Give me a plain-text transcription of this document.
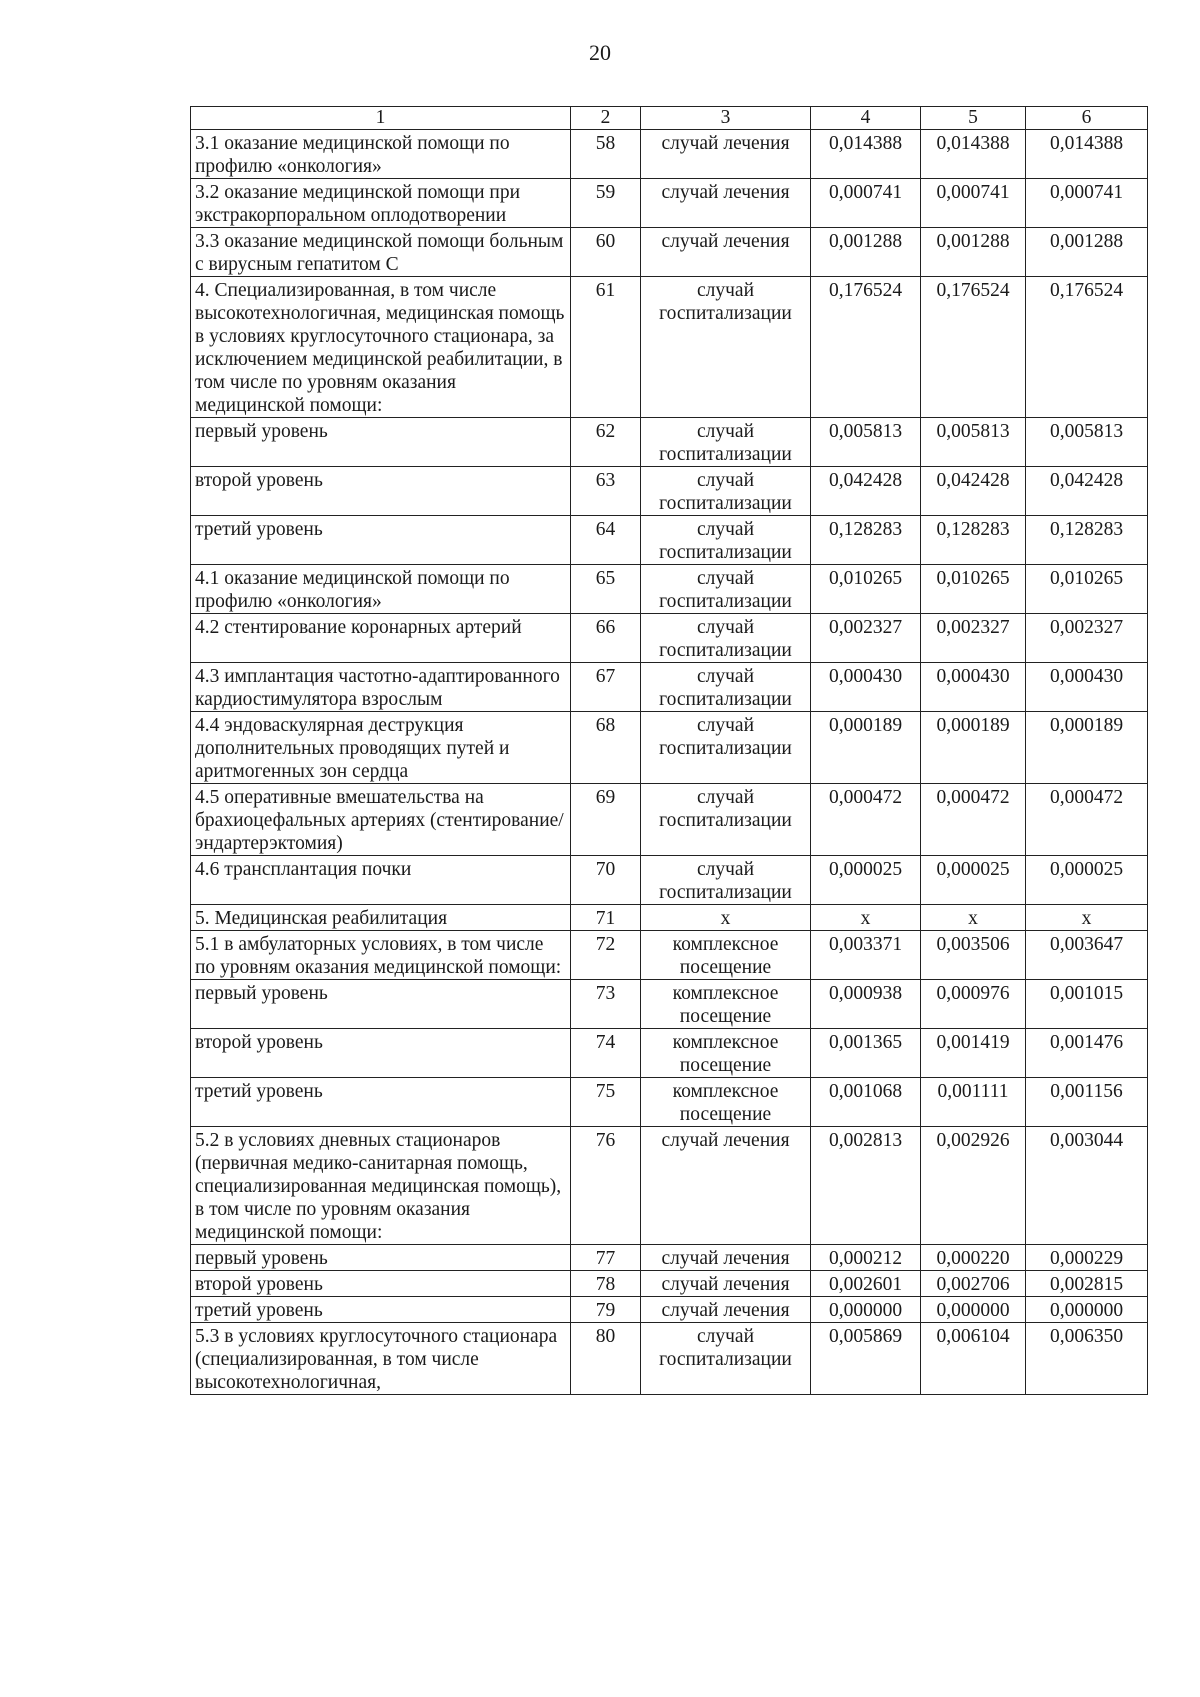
20
1	2	3	4	5	6
3.1 оказание медицинской помощи по профилю «онкология»	58	случай лечения	0,014388	0,014388	0,014388
3.2 оказание медицинской помощи при экстракорпоральном оплодотворении	59	случай лечения	0,000741	0,000741	0,000741
3.3 оказание медицинской помощи больным с вирусным гепатитом С	60	случай лечения	0,001288	0,001288	0,001288
4. Специализированная, в том числе высокотехнологичная, медицинская помощь в условиях круглосуточного стационара, за исключением медицинской реабилитации, в том числе по уровням оказания медицинской помощи:	61	случай госпитализации	0,176524	0,176524	0,176524
первый уровень	62	случай госпитализации	0,005813	0,005813	0,005813
второй уровень	63	случай госпитализации	0,042428	0,042428	0,042428
третий уровень	64	случай госпитализации	0,128283	0,128283	0,128283
4.1 оказание медицинской помощи по профилю «онкология»	65	случай госпитализации	0,010265	0,010265	0,010265
4.2 стентирование коронарных артерий	66	случай госпитализации	0,002327	0,002327	0,002327
4.3 имплантация частотно-адаптированного кардиостимулятора взрослым	67	случай госпитализации	0,000430	0,000430	0,000430
4.4 эндоваскулярная деструкция дополнительных проводящих путей и аритмогенных зон сердца	68	случай госпитализации	0,000189	0,000189	0,000189
4.5 оперативные вмешательства на брахиоцефальных артериях (стентирование/эндартерэктомия)	69	случай госпитализации	0,000472	0,000472	0,000472
4.6 трансплантация почки	70	случай госпитализации	0,000025	0,000025	0,000025
5. Медицинская реабилитация	71	х	х	х	х
5.1 в амбулаторных условиях, в том числе по уровням оказания медицинской помощи:	72	комплексное посещение	0,003371	0,003506	0,003647
первый уровень	73	комплексное посещение	0,000938	0,000976	0,001015
второй уровень	74	комплексное посещение	0,001365	0,001419	0,001476
третий уровень	75	комплексное посещение	0,001068	0,001111	0,001156
5.2 в условиях дневных стационаров (первичная медико-санитарная помощь, специализированная медицинская помощь), в том числе по уровням оказания медицинской помощи:	76	случай лечения	0,002813	0,002926	0,003044
первый уровень	77	случай лечения	0,000212	0,000220	0,000229
второй уровень	78	случай лечения	0,002601	0,002706	0,002815
третий уровень	79	случай лечения	0,000000	0,000000	0,000000
5.3 в условиях круглосуточного стационара (специализированная, в том числе высокотехнологичная,	80	случай госпитализации	0,005869	0,006104	0,006350
